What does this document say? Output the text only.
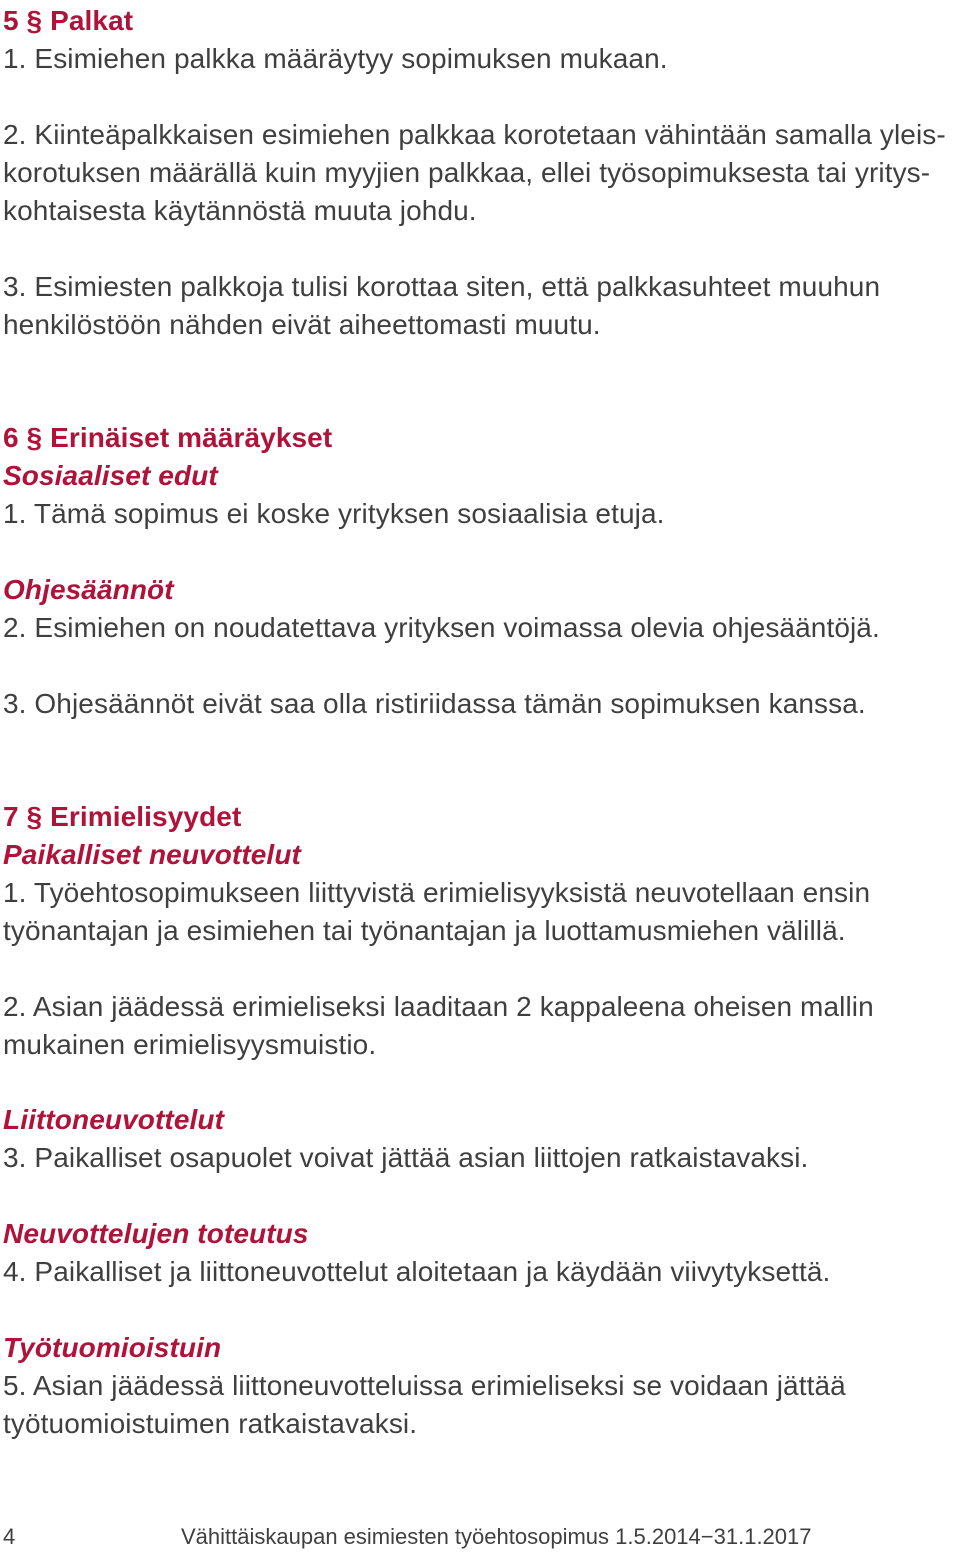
5 § Palkat

1. Esimiehen palkka määräytyy sopimuksen mukaan.

2. Kiinteäpalkkaisen esimiehen palkkaa korotetaan vähintään samalla yleis-

korotuksen määrällä kuin myyjien palkkaa, ellei työsopimuksesta tai yritys-

kohtaisesta käytännöstä muuta johdu.

3. Esimiesten palkkoja tulisi korottaa siten, että palkkasuhteet muuhun

henkilöstöön nähden eivät aiheettomasti muutu.

6 § Erinäiset määräykset
Sosiaaliset edut

1. Tämä sopimus ei koske yrityksen sosiaalisia etuja.

Ohjesäännöt

2. Esimiehen on noudatettava yrityksen voimassa olevia ohjesääntöjä.

3. Ohjesäännöt eivät saa olla ristiriidassa tämän sopimuksen kanssa.

7 § Erimielisyydet
Paikalliset neuvottelut

1. Työehtosopimukseen liittyvistä erimielisyyksistä neuvotellaan ensin

työnantajan ja esimiehen tai työnantajan ja luottamusmiehen välillä.

2. Asian jäädessä erimieliseksi laaditaan 2 kappaleena oheisen mallin

mukainen erimielisyysmuistio.

Liittoneuvottelut

3. Paikalliset osapuolet voivat jättää asian liittojen ratkaistavaksi.

Neuvottelujen toteutus

4. Paikalliset ja liittoneuvottelut aloitetaan ja käydään viivytyksettä.

Työtuomioistuin

5. Asian jäädessä liittoneuvotteluissa erimieliseksi se voidaan jättää

työtuomioistuimen ratkaistavaksi.

4	Vähittäiskaupan esimiesten työehtosopimus 1.5.2014−31.1.2017
